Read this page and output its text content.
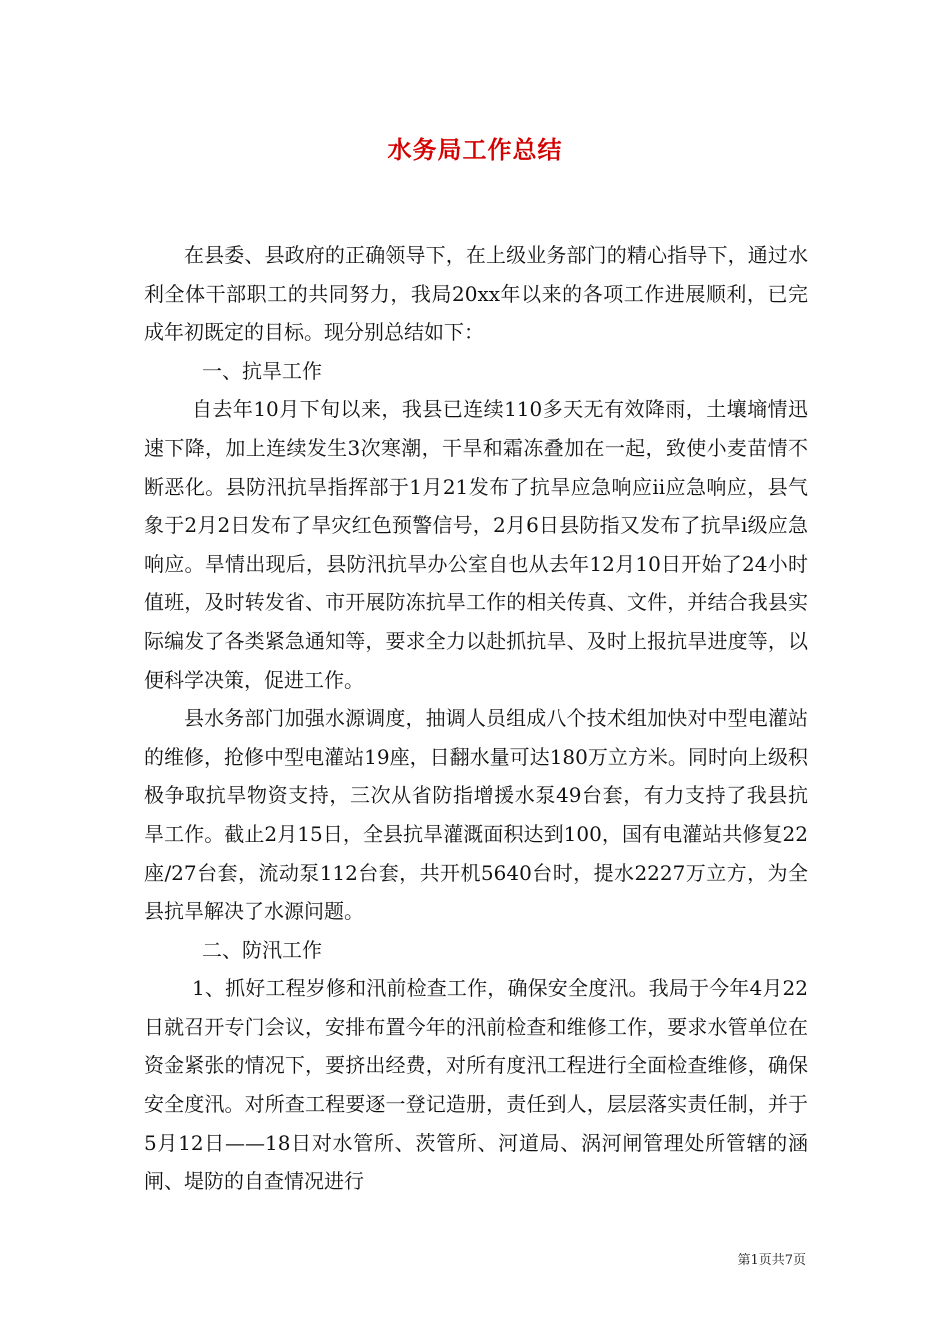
水务局工作总结

在县委、县政府的正确领导下，在上级业务部门的精心指导下，通过水利全体干部职工的共同努力，我局20xx年以来的各项工作进展顺利，已完成年初既定的目标。现分别总结如下：

一、抗旱工作

自去年10月下旬以来，我县已连续110多天无有效降雨，土壤墒情迅速下降，加上连续发生3次寒潮，干旱和霜冻叠加在一起，致使小麦苗情不断恶化。县防汛抗旱指挥部于1月21发布了抗旱应急响应ⅱ应急响应，县气象于2月2日发布了旱灾红色预警信号，2月6日县防指又发布了抗旱ⅰ级应急响应。旱情出现后，县防汛抗旱办公室自也从去年12月10日开始了24小时值班，及时转发省、市开展防冻抗旱工作的相关传真、文件，并结合我县实际编发了各类紧急通知等，要求全力以赴抓抗旱、及时上报抗旱进度等，以便科学决策，促进工作。

县水务部门加强水源调度，抽调人员组成八个技术组加快对中型电灌站的维修，抢修中型电灌站19座，日翻水量可达180万立方米。同时向上级积极争取抗旱物资支持，三次从省防指增援水泵49台套，有力支持了我县抗旱工作。截止2月15日，全县抗旱灌溉面积达到100，国有电灌站共修复22座/27台套，流动泵112台套，共开机5640台时，提水2227万立方，为全县抗旱解决了水源问题。

二、防汛工作

1、抓好工程岁修和汛前检查工作，确保安全度汛。我局于今年4月22日就召开专门会议，安排布置今年的汛前检查和维修工作，要求水管单位在资金紧张的情况下，要挤出经费，对所有度汛工程进行全面检查维修，确保安全度汛。对所查工程要逐一登记造册，责任到人，层层落实责任制，并于5月12日——18日对水管所、茨管所、河道局、涡河闸管理处所管辖的涵闸、堤防的自查情况进行

第1页共7页
